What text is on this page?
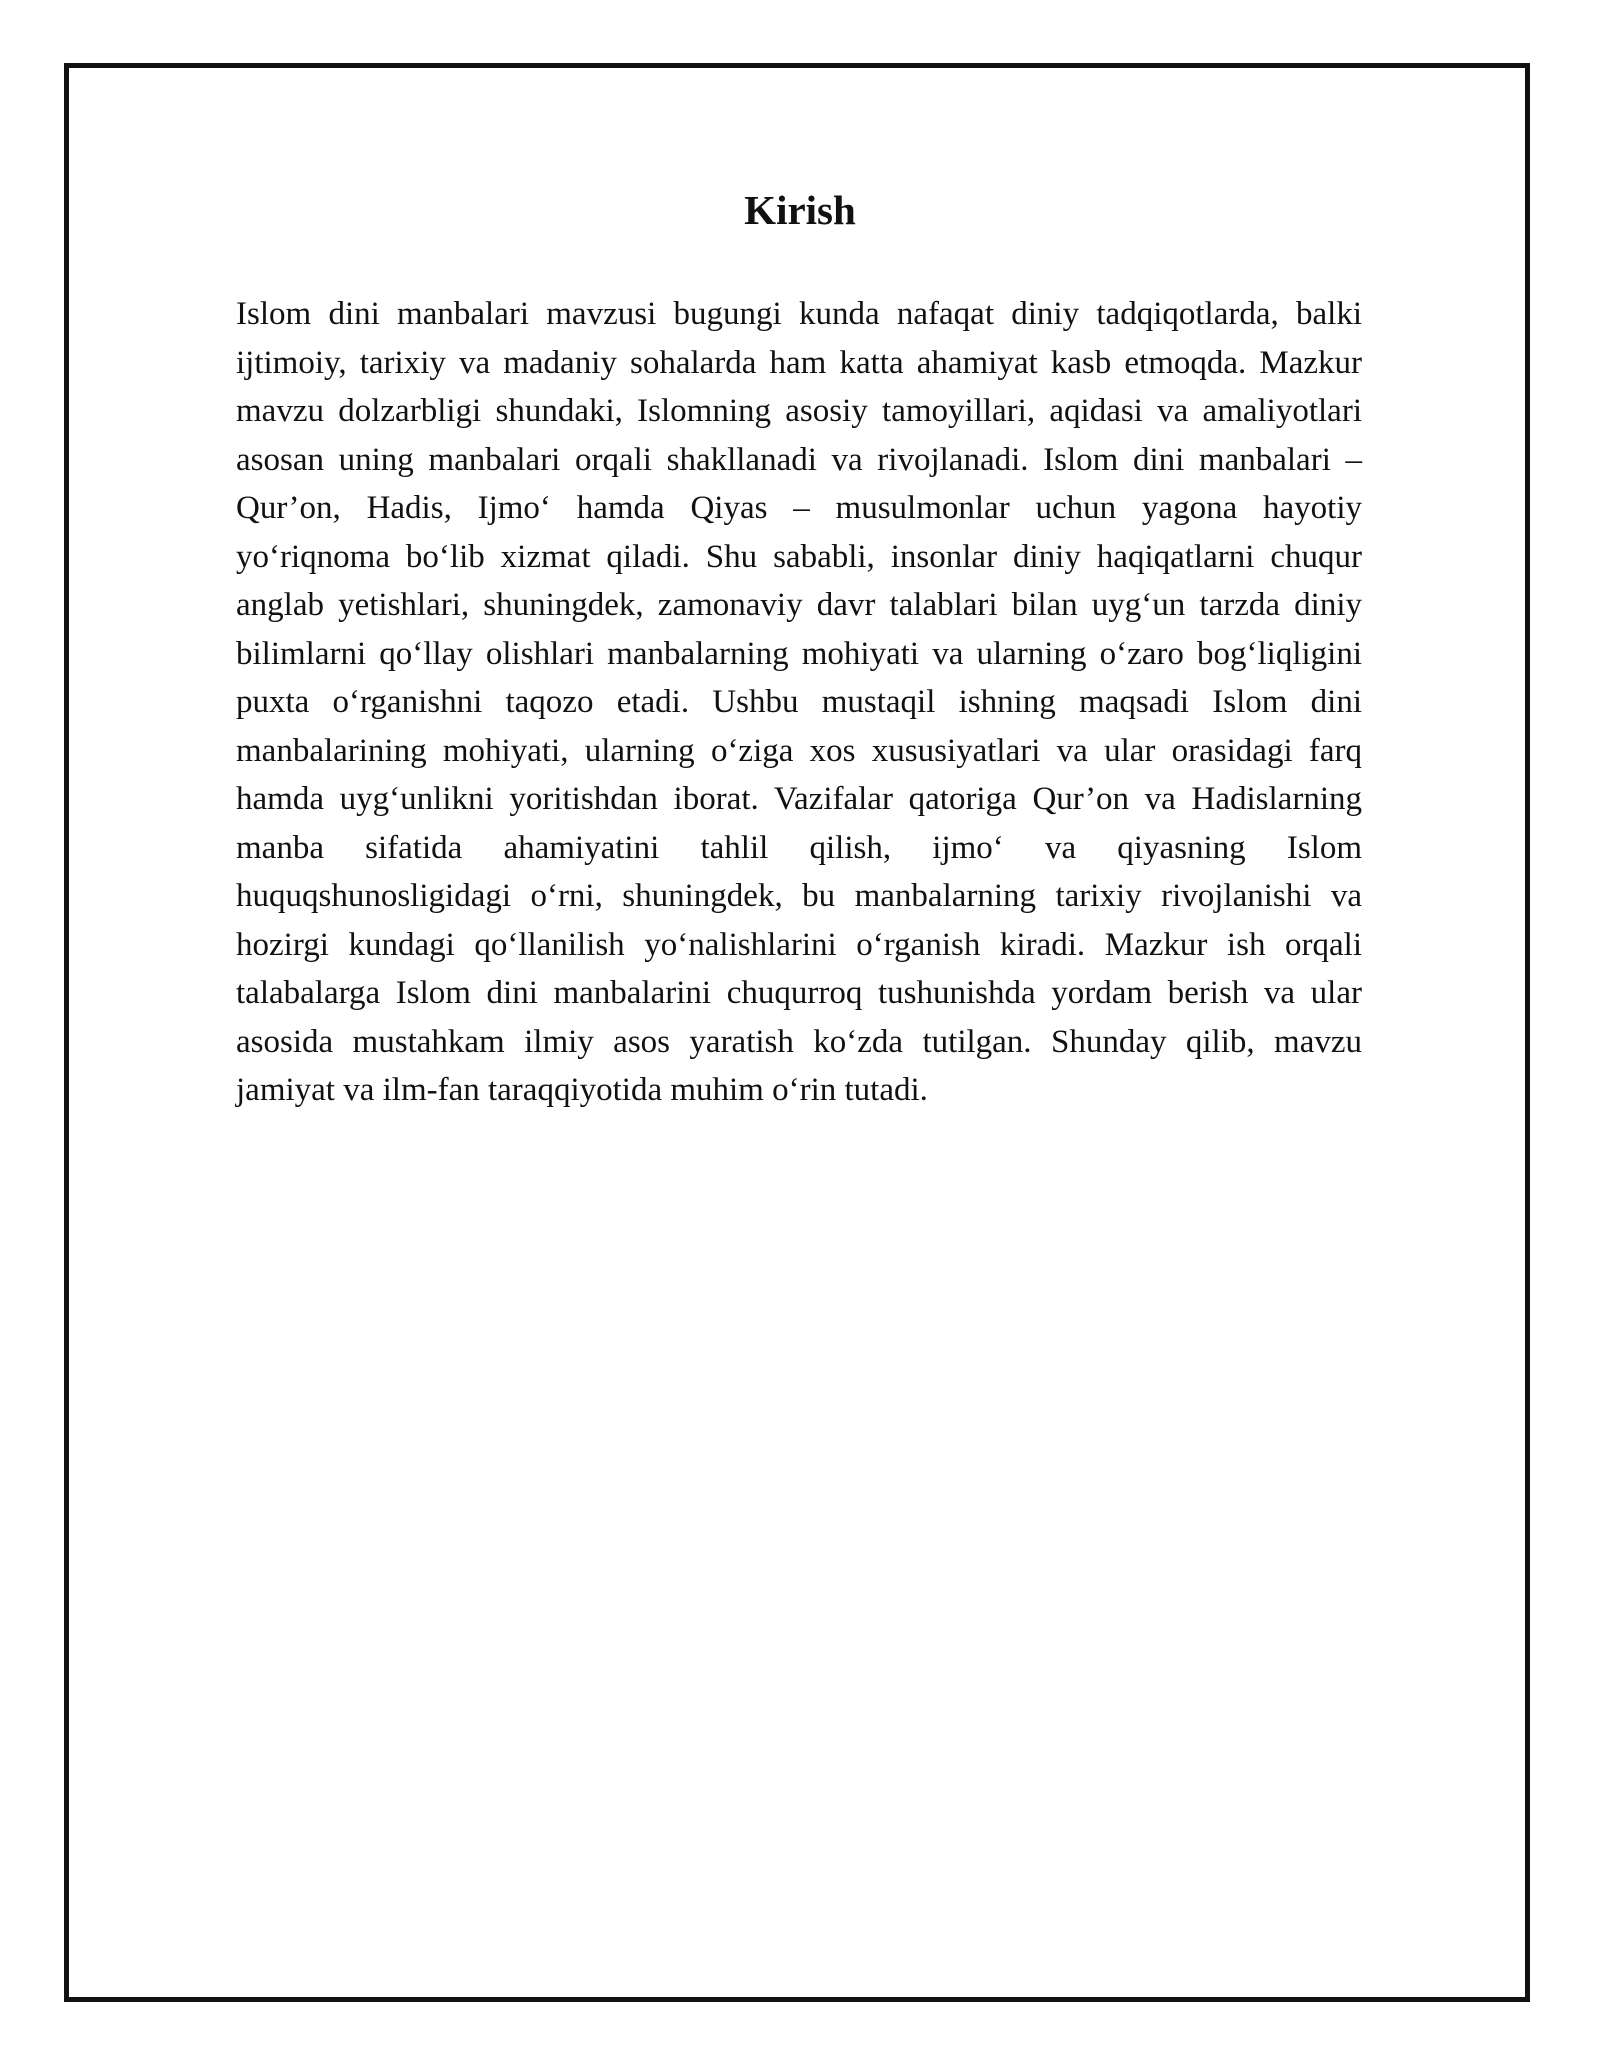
Kirish

Islom dini manbalari mavzusi bugungi kunda nafaqat diniy tadqiqotlarda, balki ijtimoiy, tarixiy va madaniy sohalarda ham katta ahamiyat kasb etmoqda. Mazkur mavzu dolzarbligi shundaki, Islomning asosiy tamoyillari, aqidasi va amaliyotlari asosan uning manbalari orqali shakllanadi va rivojlanadi. Islom dini manbalari – Qur’on, Hadis, Ijmo‘ hamda Qiyas – musulmonlar uchun yagona hayotiy yo‘riqnoma bo‘lib xizmat qiladi. Shu sababli, insonlar diniy haqiqatlarni chuqur anglab yetishlari, shuningdek, zamonaviy davr talablari bilan uyg‘un tarzda diniy bilimlarni qo‘llay olishlari manbalarning mohiyati va ularning o‘zaro bog‘liqligini puxta o‘rganishni taqozo etadi. Ushbu mustaqil ishning maqsadi Islom dini manbalarining mohiyati, ularning o‘ziga xos xususiyatlari va ular orasidagi farq hamda uyg‘unlikni yoritishdan iborat. Vazifalar qatoriga Qur’on va Hadislarning manba sifatida ahamiyatini tahlil qilish, ijmo‘ va qiyasning Islom huquqshunosligidagi o‘rni, shuningdek, bu manbalarning tarixiy rivojlanishi va hozirgi kundagi qo‘llanilish yo‘nalishlarini o‘rganish kiradi. Mazkur ish orqali talabalarga Islom dini manbalarini chuqurroq tushunishda yordam berish va ular asosida mustahkam ilmiy asos yaratish ko‘zda tutilgan. Shunday qilib, mavzu jamiyat va ilm-fan taraqqiyotida muhim o‘rin tutadi.
